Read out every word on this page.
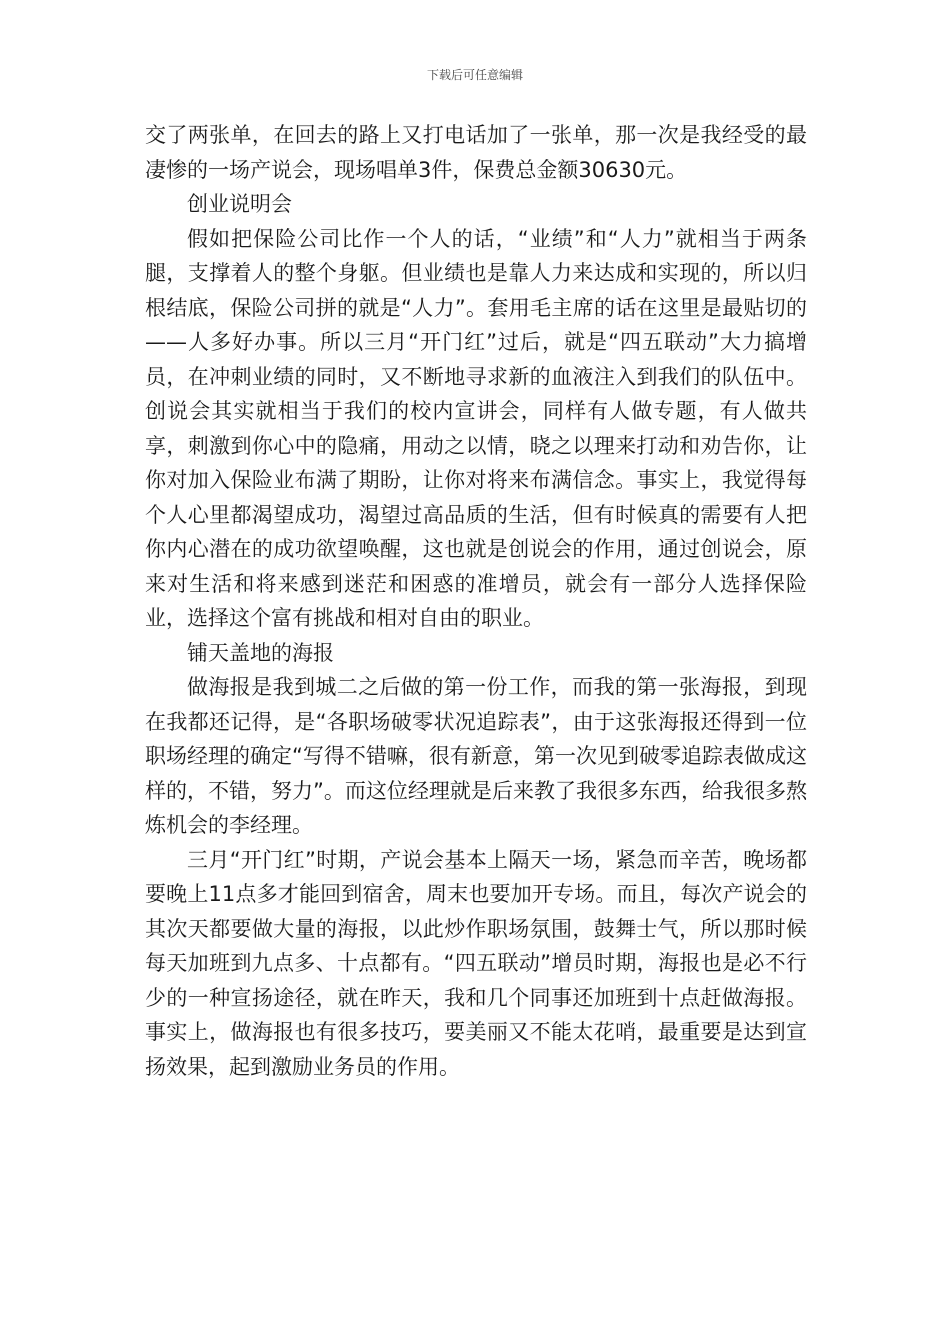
下载后可任意编辑

交了两张单，在回去的路上又打电话加了一张单，那一次是我经受的最凄惨的一场产说会，现场唱单3件，保费总金额30630元。

创业说明会

假如把保险公司比作一个人的话，“业绩”和“人力”就相当于两条腿，支撑着人的整个身躯。但业绩也是靠人力来达成和实现的，所以归根结底，保险公司拼的就是“人力”。套用毛主席的话在这里是最贴切的——人多好办事。所以三月“开门红”过后，就是“四五联动”大力搞增员，在冲刺业绩的同时，又不断地寻求新的血液注入到我们的队伍中。创说会其实就相当于我们的校内宣讲会，同样有人做专题，有人做共享，刺激到你心中的隐痛，用动之以情，晓之以理来打动和劝告你，让你对加入保险业布满了期盼，让你对将来布满信念。事实上，我觉得每个人心里都渴望成功，渴望过高品质的生活，但有时候真的需要有人把你内心潜在的成功欲望唤醒，这也就是创说会的作用，通过创说会，原来对生活和将来感到迷茫和困惑的准增员，就会有一部分人选择保险业，选择这个富有挑战和相对自由的职业。

铺天盖地的海报

做海报是我到城二之后做的第一份工作，而我的第一张海报，到现在我都还记得，是“各职场破零状况追踪表”，由于这张海报还得到一位职场经理的确定“写得不错嘛，很有新意，第一次见到破零追踪表做成这样的，不错，努力”。而这位经理就是后来教了我很多东西，给我很多熬炼机会的李经理。

三月“开门红”时期，产说会基本上隔天一场，紧急而辛苦，晚场都要晚上11点多才能回到宿舍，周末也要加开专场。而且，每次产说会的其次天都要做大量的海报，以此炒作职场氛围，鼓舞士气，所以那时候每天加班到九点多、十点都有。“四五联动”增员时期，海报也是必不行少的一种宣扬途径，就在昨天，我和几个同事还加班到十点赶做海报。事实上，做海报也有很多技巧，要美丽又不能太花哨，最重要是达到宣扬效果，起到激励业务员的作用。
